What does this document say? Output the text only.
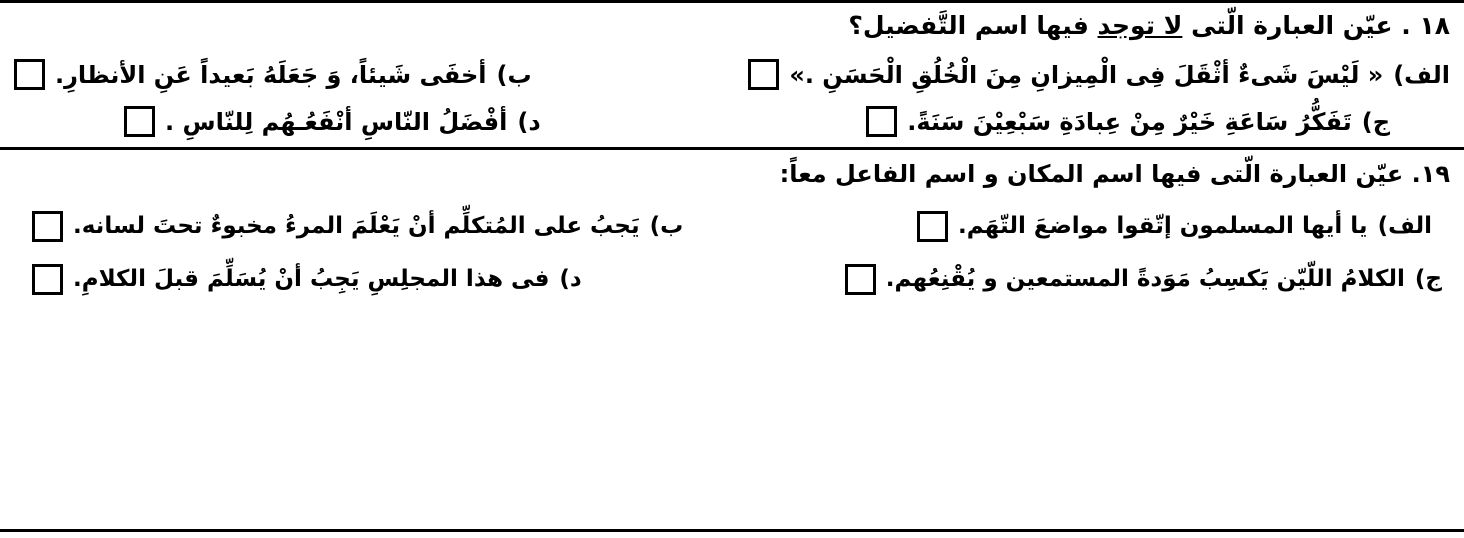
١٨ . عيّن العبارة الّتى لا توجد فيها اسم التَّفضيل؟
الف)
« لَيْسَ شَىءٌ أثْقَلَ فِى الْمِيزانِ مِنَ الْخُلُقِ الْحَسَنِ .»
ب)
أخفَى شَيئاً، وَ جَعَلَهُ بَعيداً عَنِ الأنظارِ.
ج)
تَفَكُّرُ سَاعَةِ خَيْرٌ مِنْ عِبادَةِ سَبْعِيْنَ سَنَةً.
د)
أفْضَلُ النّاسِ أنْفَعُـهُم لِلنّاسِ .
١٩. عيّن العبارة الّتى فيها اسم المكان و اسم الفاعل معاً:
الف)
يا أيها المسلمون إتّقوا مواضعَ التّهَم.
ب)
يَجبُ على المُتكلِّم أنْ يَعْلَمَ المرءُ مخبوءٌ تحتَ لسانه.
ج)
الكلامُ اللّيّن يَكسِبُ مَوَدةً المستمعين و يُقْنِعُهم.
د)
فى هذا المجلِسِ يَجِبُ أنْ يُسَلِّمَ قبلَ الكلامِ.
